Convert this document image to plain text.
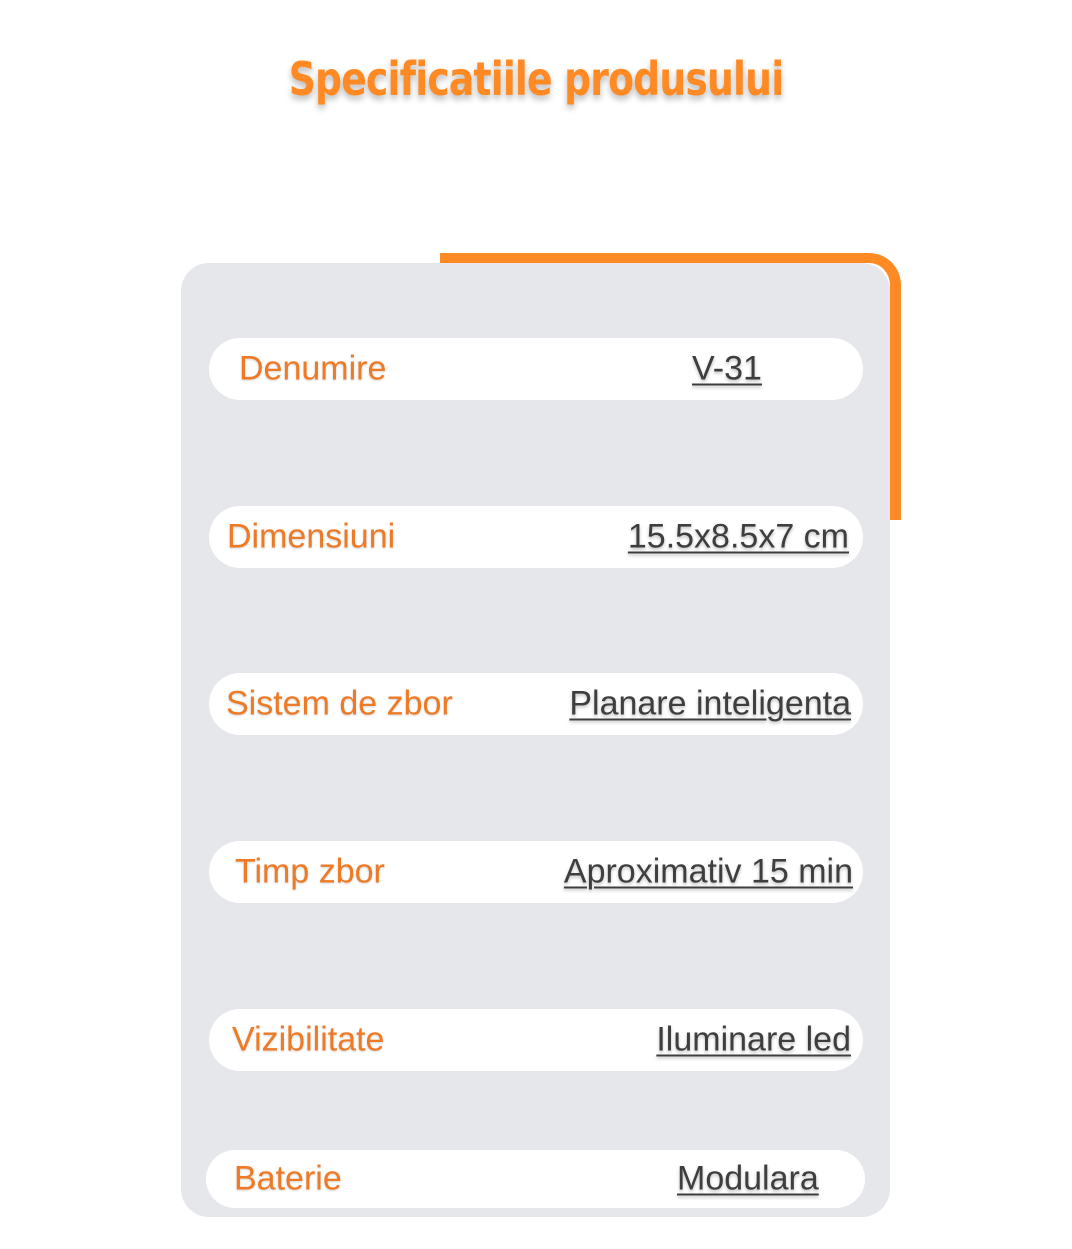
Specificatiile produsului
Denumire	V-31
Dimensiuni	15.5x8.5x7 cm
Sistem de zbor	Planare inteligenta
Timp zbor	Aproximativ 15 min
Vizibilitate	Iluminare led
Baterie	Modulara
